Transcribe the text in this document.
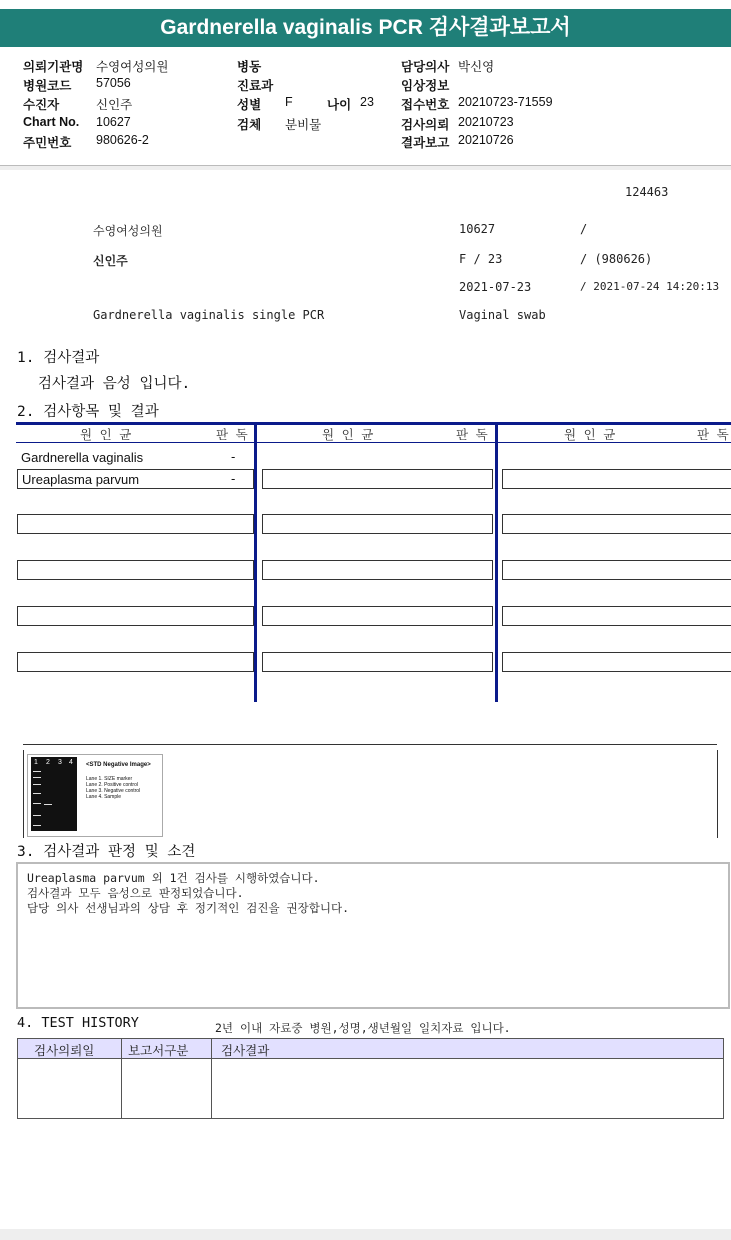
Gardnerella vaginalis PCR 검사결과보고서
의뢰기관명 수영여성의원
병원코드 57056
수진자	신인주
Chart No. 10627
주민번호 980626-2
병동
진료과
성별 F	나이 23
검체 분비물
담당의사 박신영
임상정보
접수번호 20210723-71559
검사의뢰 20210723
결과보고 20210726
124463
수영여성의원	10627	/
신인주	F / 23	/ (980626)
2021-07-23	/ 2021-07-24 14:20:13
Gardnerella vaginalis single PCR	Vaginal swab
1. 검사결과
검사결과 음성 입니다.
2. 검사항목 및 결과
원 인 균	판 독	원 인 균	판 독	원 인 균	판 독
Gardnerella vaginalis	-
Ureaplasma parvum	-
1 2 3 4 <STD Negative Image>
Lane 1. SIZE marker
Lane 2. Positive control
Lane 3. Negative control
Lane 4. Sample
3. 검사결과 판정 및 소견
Ureaplasma parvum 외 1건 검사를 시행하였습니다.
검사결과 모두 음성으로 판정되었습니다.
담당 의사 선생님과의 상담 후 정기적인 검진을 권장합니다.
4. TEST HISTORY	2년 이내 자료중 병원,성명,생년월일 일치자료 입니다.
검사의뢰일	보고서구분	검사결과
